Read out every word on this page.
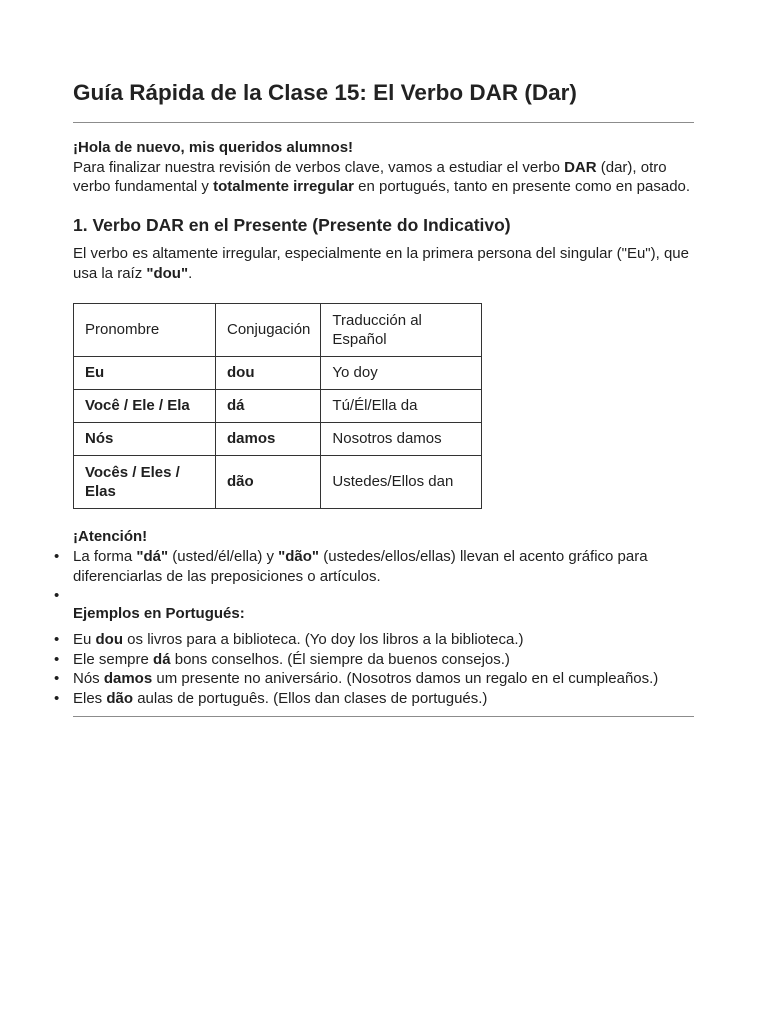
Guía Rápida de la Clase 15: El Verbo DAR (Dar)

¡Hola de nuevo, mis queridos alumnos!
Para finalizar nuestra revisión de verbos clave, vamos a estudiar el verbo DAR (dar), otro verbo fundamental y totalmente irregular en portugués, tanto en presente como en pasado.

1. Verbo DAR en el Presente (Presente do Indicativo)

El verbo es altamente irregular, especialmente en la primera persona del singular ("Eu"), que usa la raíz "dou".

Pronombre	Conjugación	Traducción al Español
Eu	dou	Yo doy
Você / Ele / Ela	dá	Tú/Él/Ella da
Nós	damos	Nosotros damos
Vocês / Eles / Elas	dão	Ustedes/Ellos dan

¡Atención!

• La forma "dá" (usted/él/ella) y "dão" (ustedes/ellos/ellas) llevan el acento gráfico para diferenciarlas de las preposiciones o artículos.
•

Ejemplos en Portugués:

• Eu dou os livros para a biblioteca. (Yo doy los libros a la biblioteca.)
• Ele sempre dá bons conselhos. (Él siempre da buenos consejos.)
• Nós damos um presente no aniversário. (Nosotros damos un regalo en el cumpleaños.)
• Eles dão aulas de português. (Ellos dan clases de portugués.)
